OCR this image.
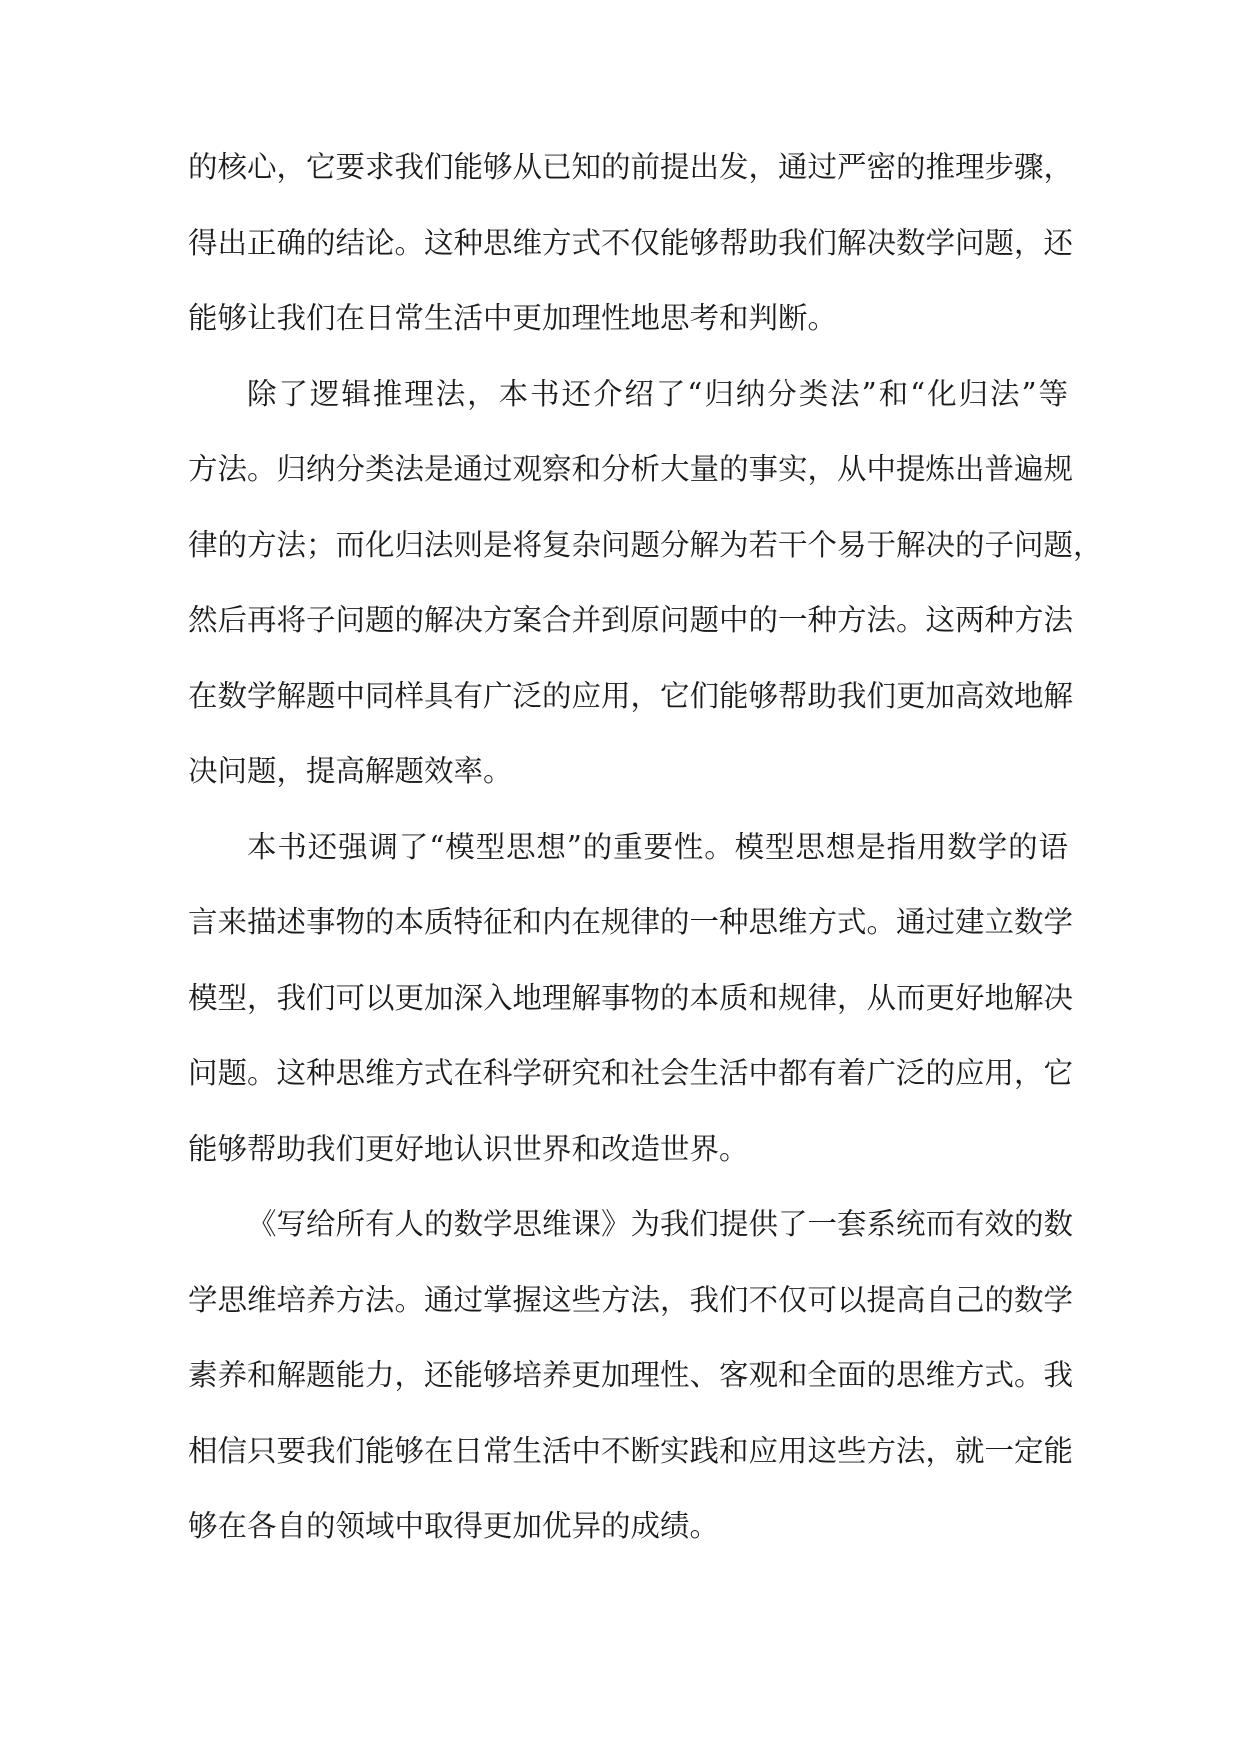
的核心，它要求我们能够从已知的前提出发，通过严密的推理步骤，
得出正确的结论。这种思维方式不仅能够帮助我们解决数学问题，还
能够让我们在日常生活中更加理性地思考和判断。
除了逻辑推理法，本书还介绍了“归纳分类法”和“化归法”等
方法。归纳分类法是通过观察和分析大量的事实，从中提炼出普遍规
律的方法；而化归法则是将复杂问题分解为若干个易于解决的子问题，
然后再将子问题的解决方案合并到原问题中的一种方法。这两种方法
在数学解题中同样具有广泛的应用，它们能够帮助我们更加高效地解
决问题，提高解题效率。
本书还强调了“模型思想”的重要性。模型思想是指用数学的语
言来描述事物的本质特征和内在规律的一种思维方式。通过建立数学
模型，我们可以更加深入地理解事物的本质和规律，从而更好地解决
问题。这种思维方式在科学研究和社会生活中都有着广泛的应用，它
能够帮助我们更好地认识世界和改造世界。
《写给所有人的数学思维课》为我们提供了一套系统而有效的数
学思维培养方法。通过掌握这些方法，我们不仅可以提高自己的数学
素养和解题能力，还能够培养更加理性、客观和全面的思维方式。我
相信只要我们能够在日常生活中不断实践和应用这些方法，就一定能
够在各自的领域中取得更加优异的成绩。
